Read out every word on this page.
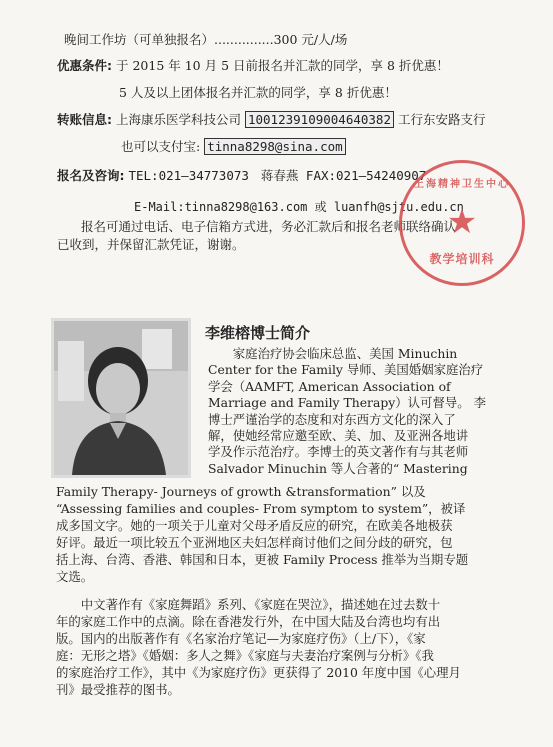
晚间工作坊（可单独报名）...............300 元/人/场
优惠条件: 于 2015 年 10 月 5 日前报名并汇款的同学，享 8 折优惠！
5 人及以上团体报名并汇款的同学，享 8 折优惠！
转账信息: 上海康乐医学科技公司 1001239109004640382 工行东安路支行
也可以支付宝: tinna8298@sina.com
报名及咨询: TEL:021—34773073 蒋春燕 FAX:021—54240907
E-Mail:tinna8298@163.com 或 luanfh@sjtu.edu.cn
报名可通过电话、电子信箱方式进，务必汇款后和报名老师联络确认
已收到，并保留汇款凭证，谢谢。
上海精神卫生中心
★
教学培训科
李维榕博士简介
家庭治疗协会临床总监、美国 Minuchin
Center for the Family 导师、美国婚姻家庭治疗
学会（AAMFT, American Association of
Marriage and Family Therapy）认可督导。 李
博士严谨治学的态度和对东西方文化的深入了
解，使她经常应邀至欧、美、加、及亚洲各地讲
学及作示范治疗。李博士的英文著作有与其老师
Salvador Minuchin 等人合著的“ Mastering
Family Therapy- Journeys of growth &transformation” 以及
“Assessing families and couples- From symptom to system”，被译
成多国文字。她的一项关于儿童对父母矛盾反应的研究，在欧美各地极获
好评。最近一项比较五个亚洲地区夫妇怎样商讨他们之间分歧的研究，包
括上海、台湾、香港、韩国和日本，更被 Family Process 推举为当期专题
文选。
中文著作有《家庭舞蹈》系列、《家庭在哭泣》，描述她在过去数十
年的家庭工作中的点滴。除在香港发行外，在中国大陆及台湾也均有出
版。国内的出版著作有《名家治疗笔记—为家庭疗伤》（上/下），《家
庭：无形之塔》《婚姻：多人之舞》《家庭与夫妻治疗案例与分析》《我
的家庭治疗工作》，其中《为家庭疗伤》更获得了 2010 年度中国《心理月
刊》最受推荐的图书。
